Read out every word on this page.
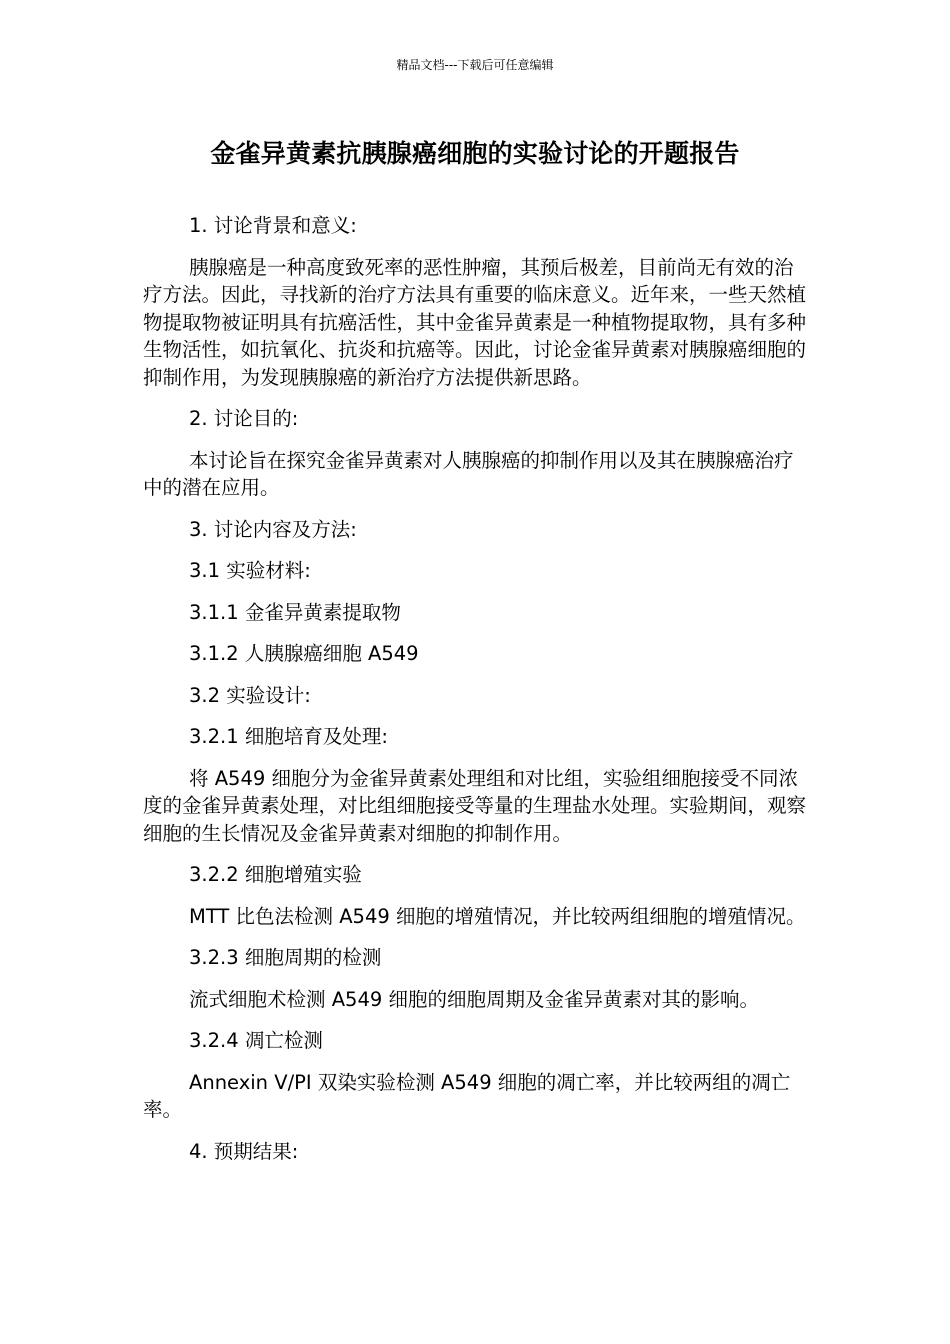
精品文档---下载后可任意编辑
金雀异黄素抗胰腺癌细胞的实验讨论的开题报告

1. 讨论背景和意义:

胰腺癌是一种高度致死率的恶性肿瘤，其预后极差，目前尚无有效的治疗方法。因此，寻找新的治疗方法具有重要的临床意义。近年来，一些天然植物提取物被证明具有抗癌活性，其中金雀异黄素是一种植物提取物，具有多种生物活性，如抗氧化、抗炎和抗癌等。因此，讨论金雀异黄素对胰腺癌细胞的抑制作用，为发现胰腺癌的新治疗方法提供新思路。

2. 讨论目的:

本讨论旨在探究金雀异黄素对人胰腺癌的抑制作用以及其在胰腺癌治疗中的潜在应用。

3. 讨论内容及方法:

3.1 实验材料:

3.1.1 金雀异黄素提取物

3.1.2 人胰腺癌细胞 A549

3.2 实验设计:

3.2.1 细胞培育及处理:

将 A549 细胞分为金雀异黄素处理组和对比组，实验组细胞接受不同浓度的金雀异黄素处理，对比组细胞接受等量的生理盐水处理。实验期间，观察细胞的生长情况及金雀异黄素对细胞的抑制作用。

3.2.2 细胞增殖实验

MTT 比色法检测 A549 细胞的增殖情况，并比较两组细胞的增殖情况。

3.2.3 细胞周期的检测

流式细胞术检测 A549 细胞的细胞周期及金雀异黄素对其的影响。

3.2.4 凋亡检测

Annexin V/PI 双染实验检测 A549 细胞的凋亡率，并比较两组的凋亡率。

4. 预期结果:
